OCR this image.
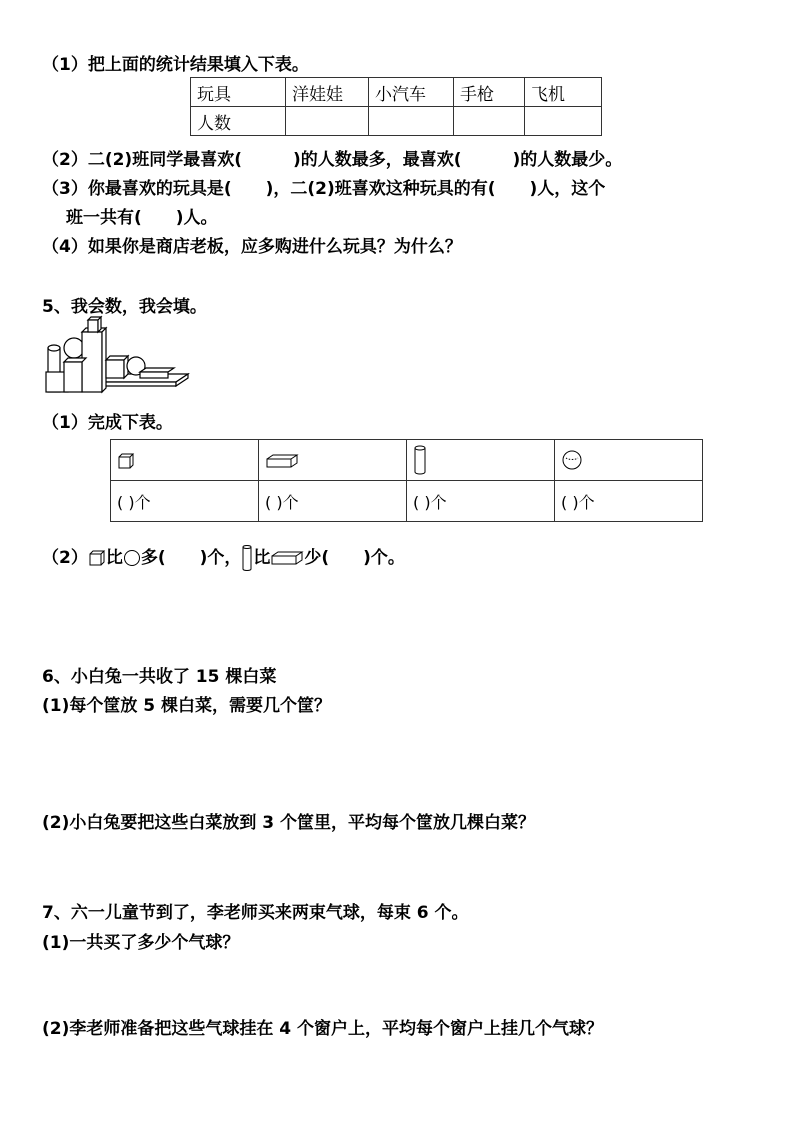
（1）把上面的统计结果填入下表。
玩具	洋娃娃	小汽车	手枪	飞机
人数				
（2）二(2)班同学最喜欢(　　　)的人数最多，最喜欢(　　　)的人数最少。
（3）你最喜欢的玩具是(　　)，二(2)班喜欢这种玩具的有(　　)人，这个
班一共有(　　)人。
（4）如果你是商店老板，应多购进什么玩具？为什么？
5、我会数，我会填。
（1）完成下表。

( )个	( )个	( )个	( )个
（2） 比 多(　　)个， 比 少(　　)个。
6、小白兔一共收了 15 棵白菜
(1)每个筐放 5 棵白菜，需要几个筐？
(2)小白兔要把这些白菜放到 3 个筐里，平均每个筐放几棵白菜？
7、六一儿童节到了，李老师买来两束气球，每束 6 个。
(1)一共买了多少个气球？
(2)李老师准备把这些气球挂在 4 个窗户上，平均每个窗户上挂几个气球？
